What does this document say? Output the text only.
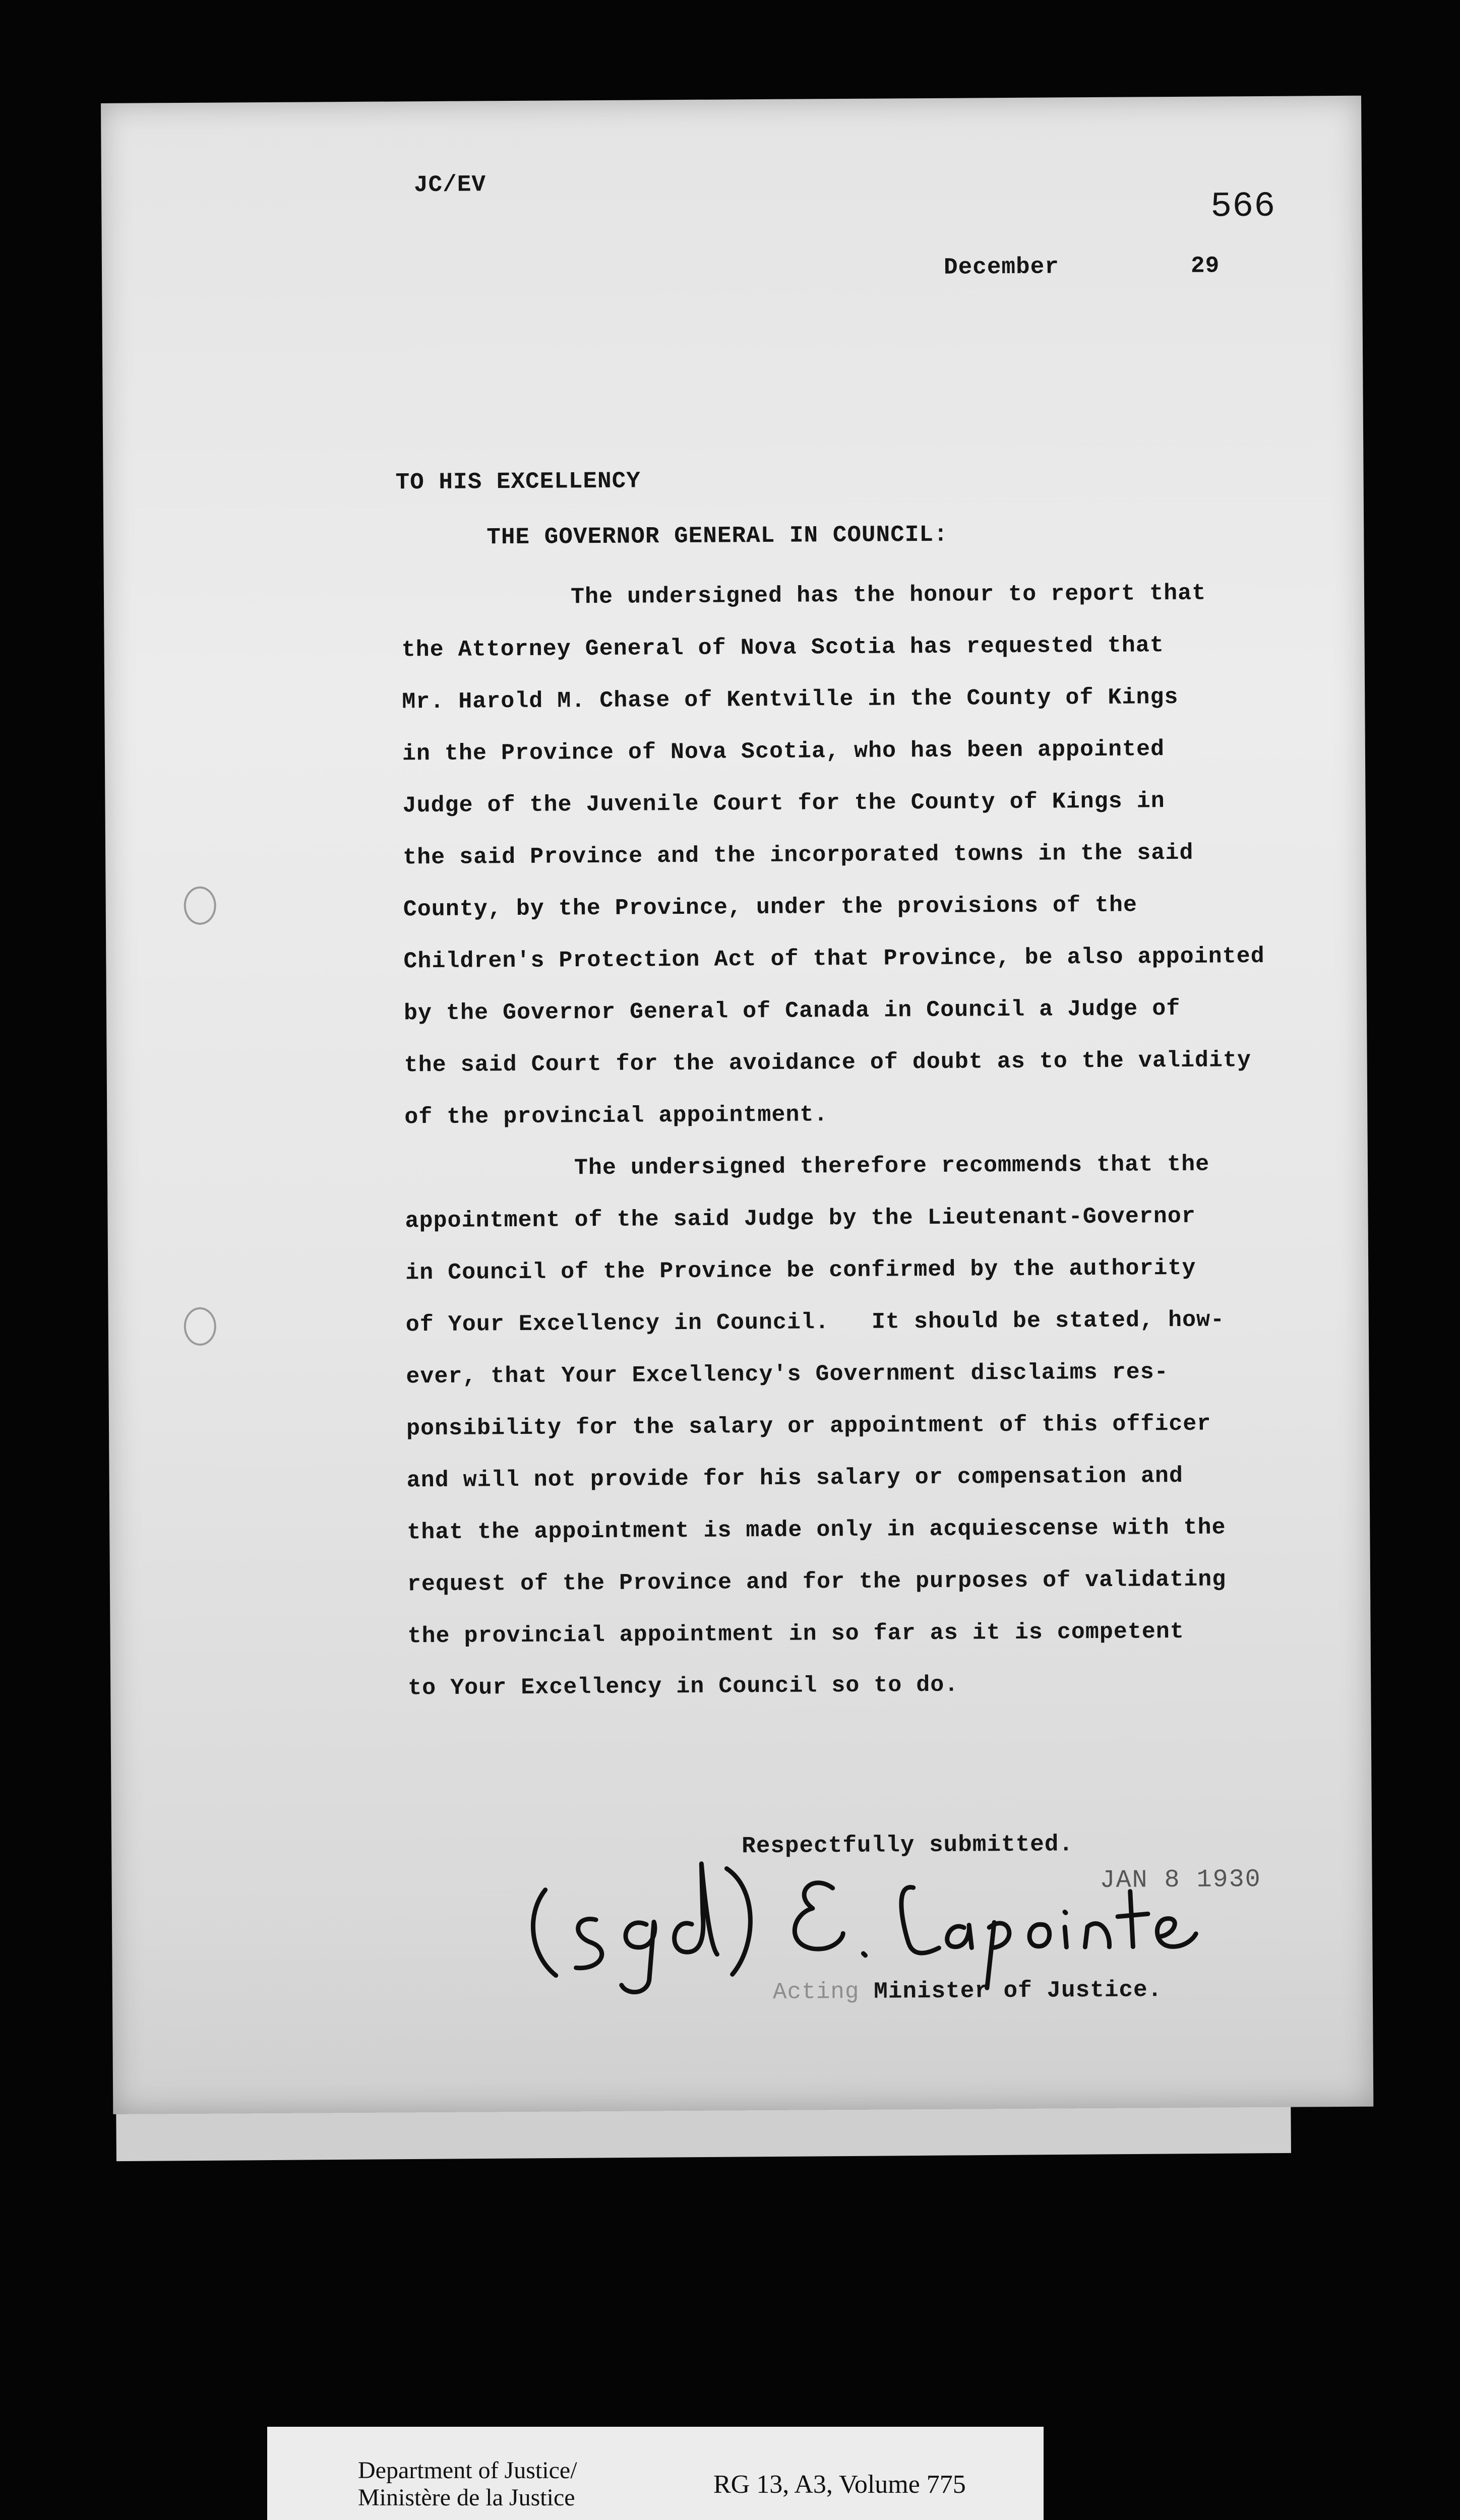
JC/EV
566
December	29
TO HIS EXCELLENCY
THE GOVERNOR GENERAL IN COUNCIL:
The undersigned has the honour to report that
the Attorney General of Nova Scotia has requested that
Mr. Harold M. Chase of Kentville in the County of Kings
in the Province of Nova Scotia, who has been appointed
Judge of the Juvenile Court for the County of Kings in
the said Province and the incorporated towns in the said
County, by the Province, under the provisions of the
Children's Protection Act of that Province, be also appointed
by the Governor General of Canada in Council a Judge of
the said Court for the avoidance of doubt as to the validity
of the provincial appointment.
The undersigned therefore recommends that the
appointment of the said Judge by the Lieutenant-Governor
in Council of the Province be confirmed by the authority
of Your Excellency in Council.   It should be stated, how-
ever, that Your Excellency's Government disclaims res-
ponsibility for the salary or appointment of this officer
and will not provide for his salary or compensation and
that the appointment is made only in acquiescense with the
request of the Province and for the purposes of validating
the provincial appointment in so far as it is competent
to Your Excellency in Council so to do.
Respectfully submitted.
JAN 8 1930
Acting Minister of Justice.
Department of Justice/
Ministère de la Justice	RG 13, A3, Volume 775
